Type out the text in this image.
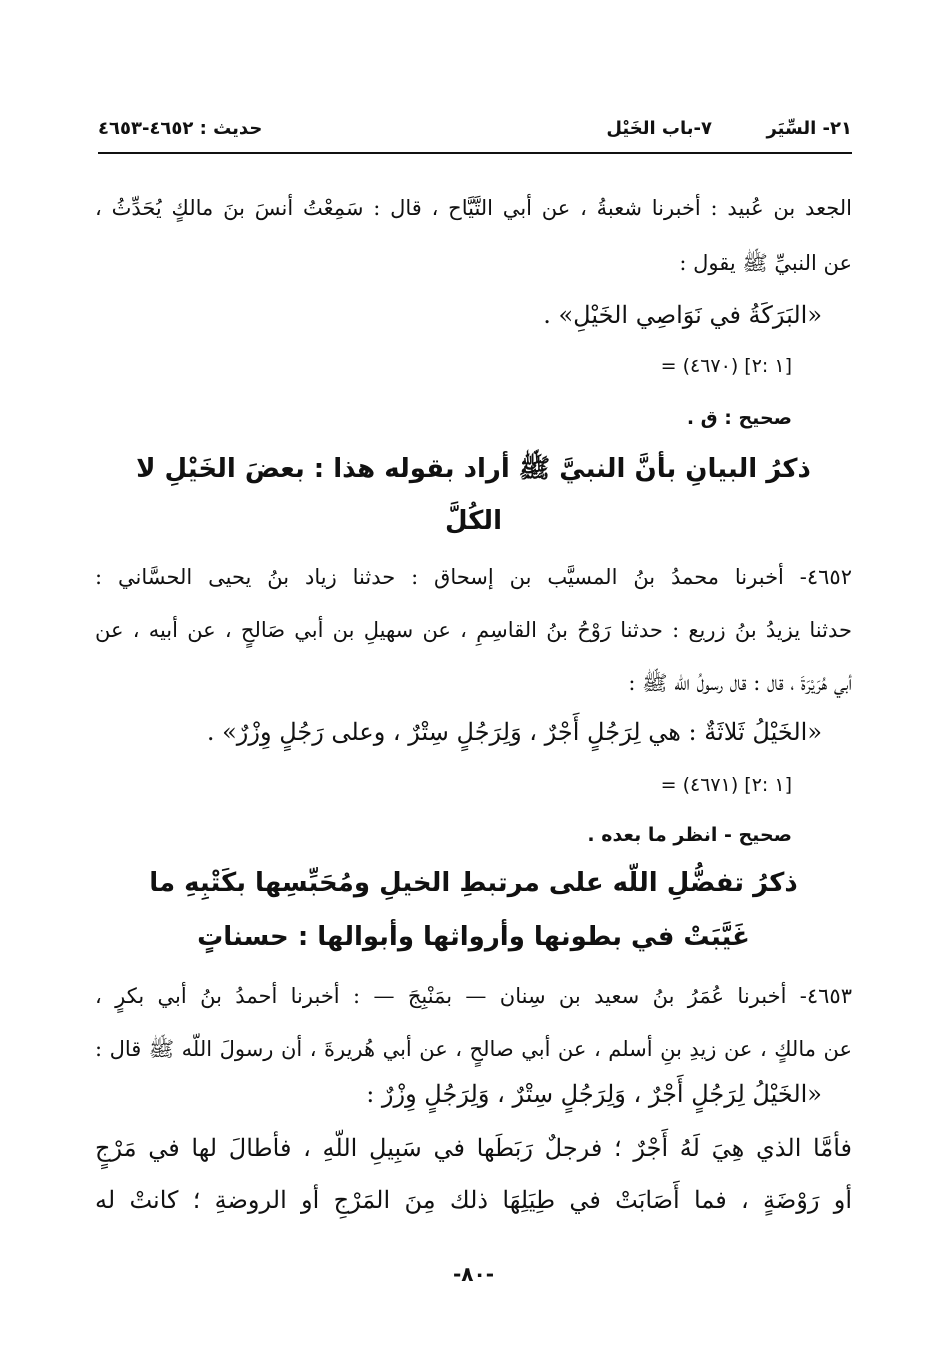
٢١- السِّيَر
٧-باب الخَيْل
حديث : ٤٦٥٢-٤٦٥٣
الجعد بن عُبيد : أخبرنا شعبةُ ، عن أبي التَّيَّاح ، قال : سَمِعْتُ أنسَ بنَ مالكٍ يُحَدِّثُ ،
عن النبيِّ ﷺ يقول :
«البَرَكَةُ في نَوَاصِي الخَيْلِ» .
= (٤٦٧٠) [١ :٢]
صحيح : ق .
ذكرُ البيانِ بأنَّ النبيَّ ﷺ أراد بقوله هذا : بعضَ الخَيْلِ لا
الكُلَّ
٤٦٥٢- أخبرنا محمدُ بنُ المسيَّب بن إسحاق : حدثنا زياد بنُ يحيى الحسَّاني :
حدثنا يزيدُ بنُ زريع : حدثنا رَوْحُ بنُ القاسِمِ ، عن سهيلِ بن أبي صَالحٍ ، عن أبيه ، عن
أبي هُرَيْرَةَ ، قال : قال رسولُ اللّه ﷺ :
«الخَيْلُ ثَلاثَةٌ : هي لِرَجُلٍ أَجْرٌ ، وَلِرَجُلٍ سِتْرٌ ، وعلى رَجُلٍ وِزْرٌ» .
= (٤٦٧١) [١ :٢]
صحيح - انظر ما بعده .
ذكرُ تفضُّلِ اللّه على مرتبطِ الخيلِ ومُحَبِّسِها بكَتْبِهِ ما
غَيَّبَتْ في بطونها وأرواثها وأبوالها : حسناتٍ
٤٦٥٣- أخبرنا عُمَرُ بنُ سعيد بن سِنان — بمَنْبِجَ — : أخبرنا أحمدُ بنُ أبي بكرٍ ،
عن مالكٍ ، عن زيدِ بنِ أسلم ، عن أبي صالحٍ ، عن أبي هُريرةَ ، أن رسولَ اللّه ﷺ قال :
«الخَيْلُ لِرَجُلٍ أَجْرٌ ، وَلِرَجُلٍ سِتْرٌ ، وَلِرَجُلٍ وِزْرٌ :
فأمَّا الذي هِيَ لَهُ أَجْرٌ ؛ فرجلٌ رَبَطَها في سَبِيلِ اللّهِ ، فأطالَ لها في مَرْجٍ
أو رَوْضَةٍ ، فما أَصَابَتْ في طِيَلِهَا ذلك مِنَ المَرْجِ أو الروضةِ ؛ كانتْ له
-٨٠-
